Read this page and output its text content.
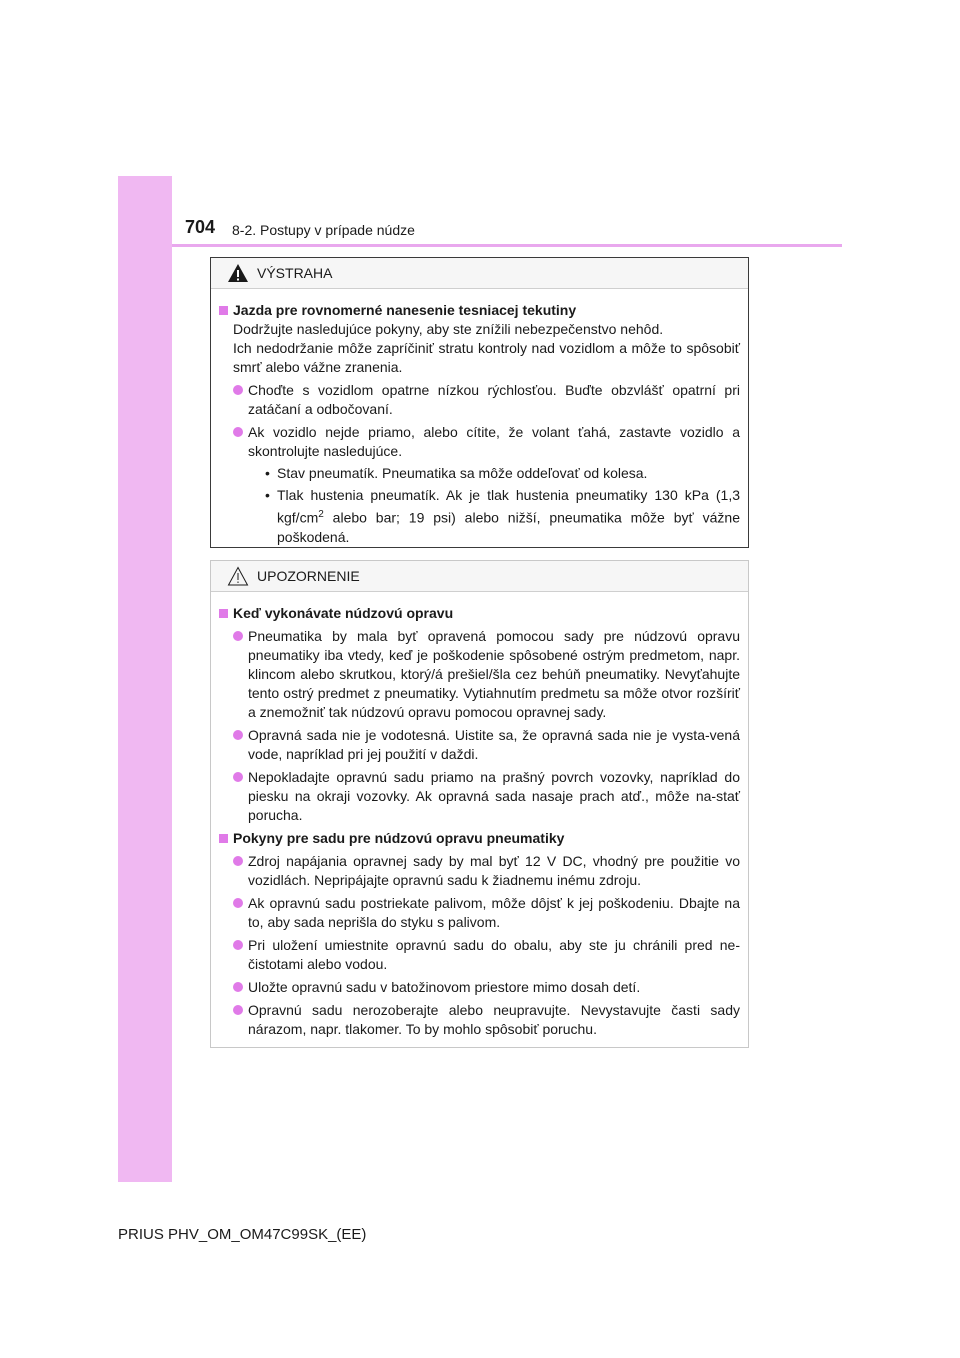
704 8-2. Postupy v prípade núdze
VÝSTRAHA
Jazda pre rovnomerné nanesenie tesniacej tekutiny
Dodržujte nasledujúce pokyny, aby ste znížili nebezpečenstvo nehôd.
Ich nedodržanie môže zapríčiniť stratu kontroly nad vozidlom a môže to spôsobiť smrť alebo vážne zranenia.
Choďte s vozidlom opatrne nízkou rýchlosťou. Buďte obzvlášť opatrní pri zatáčaní a odbočovaní.
Ak vozidlo nejde priamo, alebo cítite, že volant ťahá, zastavte vozidlo a skontrolujte nasledujúce.
• Stav pneumatík. Pneumatika sa môže oddeľovať od kolesa.
• Tlak hustenia pneumatík. Ak je tlak hustenia pneumatiky 130 kPa (1,3 kgf/$cm^2$ alebo bar; 19 psi) alebo nižší, pneumatika môže byť vážne poškodená.
UPOZORNENIE
Keď vykonávate núdzovú opravu
Pneumatika by mala byť opravená pomocou sady pre núdzovú opravu pneumatiky iba vtedy, keď je poškodenie spôsobené ostrým predmetom, napr. klincom alebo skrutkou, ktorý/á prešiel/šla cez behúň pneumatiky. Nevyťahujte tento ostrý predmet z pneumatiky. Vytiahnutím predmetu sa môže otvor rozšíriť a znemožniť tak núdzovú opravu pomocou opravnej sady.
Opravná sada nie je vodotesná. Uistite sa, že opravná sada nie je vysta-vená vode, napríklad pri jej použití v daždi.
Nepokladajte opravnú sadu priamo na prašný povrch vozovky, napríklad do piesku na okraji vozovky. Ak opravná sada nasaje prach atď., môže na-stať porucha.
Pokyny pre sadu pre núdzovú opravu pneumatiky
Zdroj napájania opravnej sady by mal byť 12 V DC, vhodný pre použitie vo vozidlách. Nepripájajte opravnú sadu k žiadnemu inému zdroju.
Ak opravnú sadu postriekate palivom, môže dôjsť k jej poškodeniu. Dbajte na to, aby sada neprišla do styku s palivom.
Pri uložení umiestnite opravnú sadu do obalu, aby ste ju chránili pred ne-čistotami alebo vodou.
Uložte opravnú sadu v batožinovom priestore mimo dosah detí.
Opravnú sadu nerozoberajte alebo neupravujte. Nevystavujte časti sady nárazom, napr. tlakomer. To by mohlo spôsobiť poruchu.
PRIUS PHV_OM_OM47C99SK_(EE)
